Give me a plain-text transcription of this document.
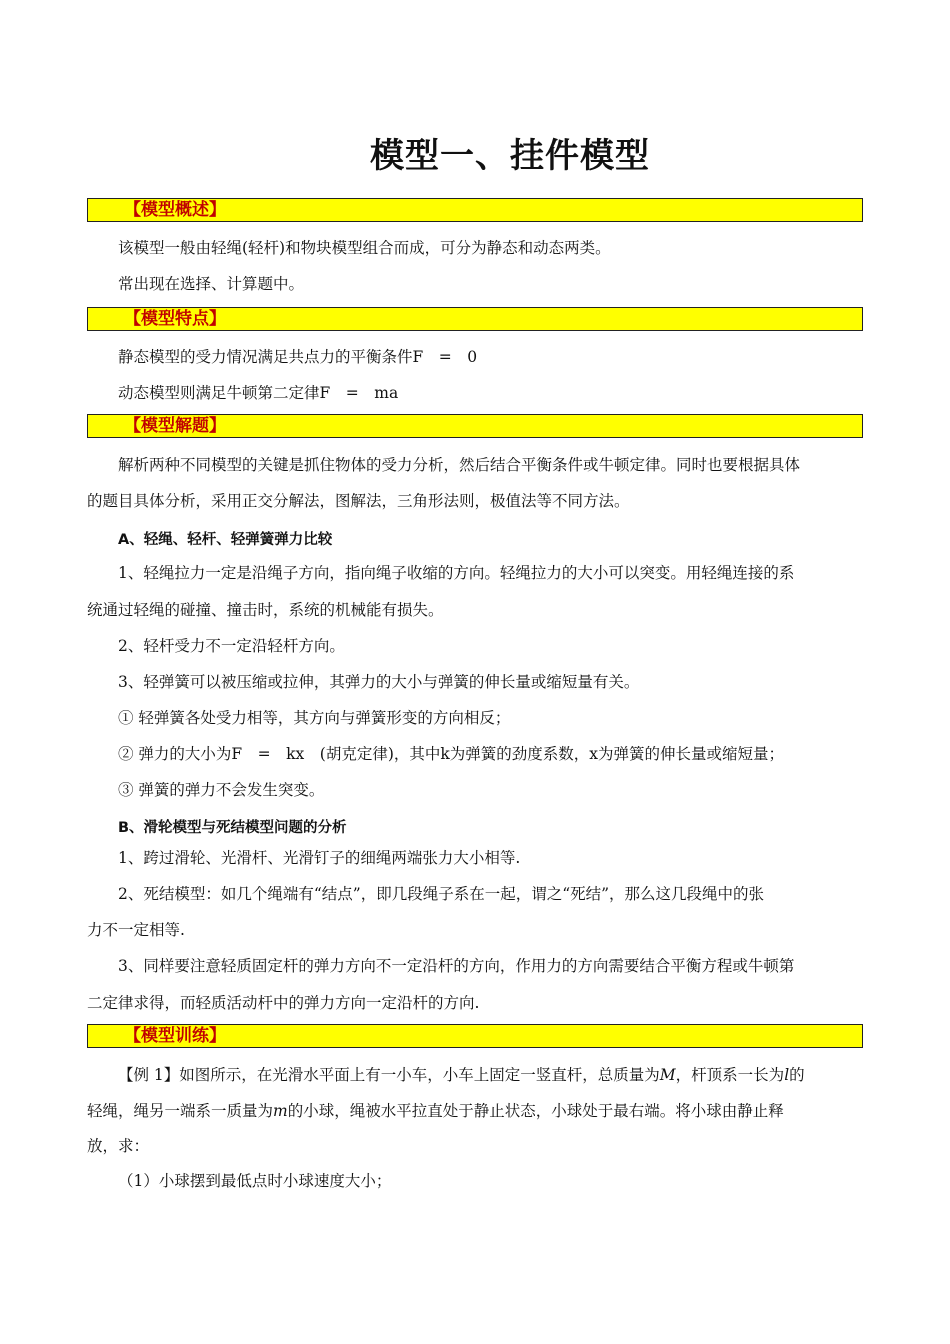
模型一、挂件模型
【模型概述】
该模型一般由轻绳(轻杆)和物块模型组合而成，可分为静态和动态两类。
常出现在选择、计算题中。
【模型特点】
静态模型的受力情况满足共点力的平衡条件F　=　0
动态模型则满足牛顿第二定律F　=　ma
【模型解题】
解析两种不同模型的关键是抓住物体的受力分析，然后结合平衡条件或牛顿定律。同时也要根据具体
的题目具体分析，采用正交分解法，图解法，三角形法则，极值法等不同方法。
A、轻绳、轻杆、轻弹簧弹力比较
1、轻绳拉力一定是沿绳子方向，指向绳子收缩的方向。轻绳拉力的大小可以突变。用轻绳连接的系
统通过轻绳的碰撞、撞击时，系统的机械能有损失。
2、轻杆受力不一定沿轻杆方向。
3、轻弹簧可以被压缩或拉伸，其弹力的大小与弹簧的伸长量或缩短量有关。
① 轻弹簧各处受力相等，其方向与弹簧形变的方向相反；
② 弹力的大小为F　=　kx　(胡克定律)，其中k为弹簧的劲度系数，x为弹簧的伸长量或缩短量；
③ 弹簧的弹力不会发生突变。
B、滑轮模型与死结模型问题的分析
1、跨过滑轮、光滑杆、光滑钉子的细绳两端张力大小相等.
2、死结模型：如几个绳端有“结点”，即几段绳子系在一起，谓之“死结”，那么这几段绳中的张
力不一定相等.
3、同样要注意轻质固定杆的弹力方向不一定沿杆的方向，作用力的方向需要结合平衡方程或牛顿第
二定律求得，而轻质活动杆中的弹力方向一定沿杆的方向.
【模型训练】
【例 1】如图所示，在光滑水平面上有一小车，小车上固定一竖直杆，总质量为M，杆顶系一长为l的
轻绳，绳另一端系一质量为m的小球，绳被水平拉直处于静止状态，小球处于最右端。将小球由静止释
放，求：
（1）小球摆到最低点时小球速度大小；
